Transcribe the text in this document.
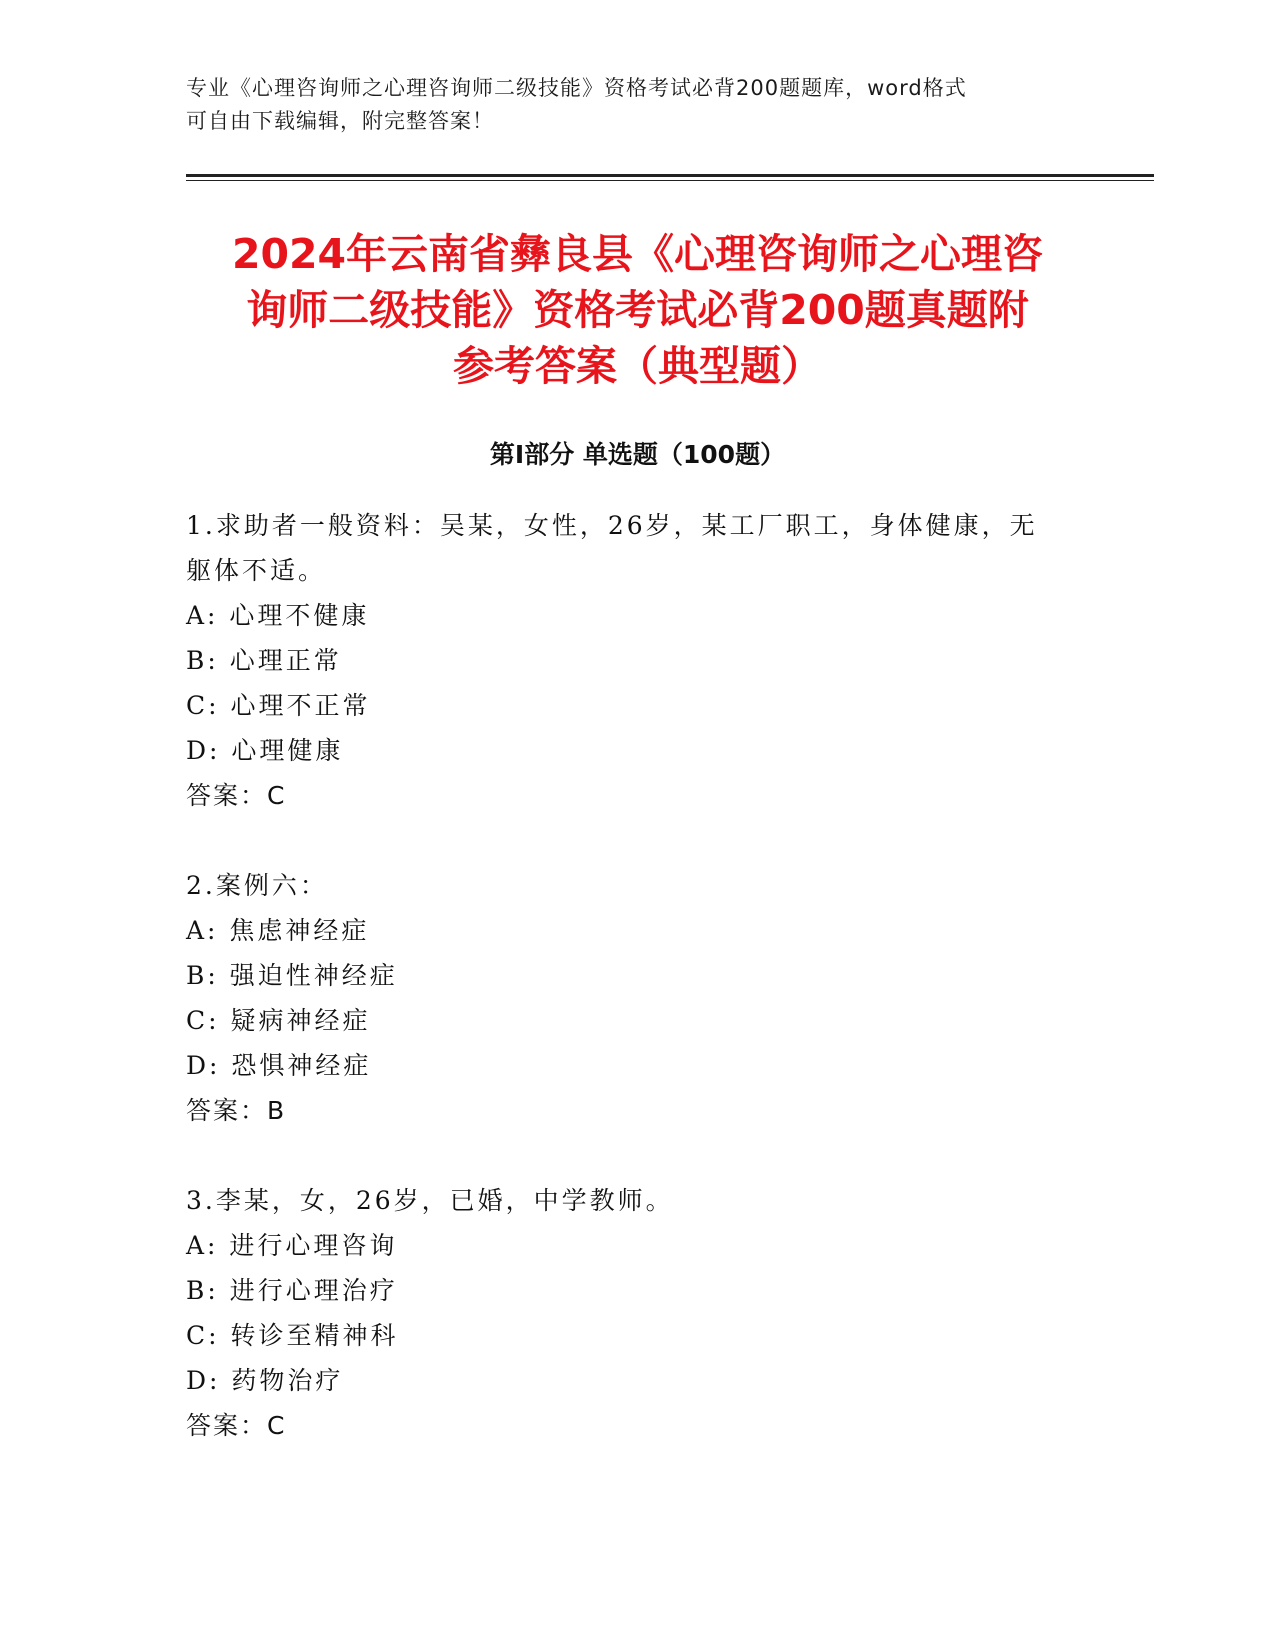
专业《心理咨询师之心理咨询师二级技能》资格考试必背200题题库，word格式
可自由下载编辑，附完整答案！
2024年云南省彝良县《心理咨询师之心理咨
询师二级技能》资格考试必背200题真题附
参考答案（典型题）
第Ⅰ部分 单选题（100题）

1.求助者一般资料：吴某，女性，26岁，某工厂职工，身体健康，无

躯体不适。

A: 心理不健康

B: 心理正常

C: 心理不正常

D: 心理健康

答案：C

2.案例六：

A: 焦虑神经症

B: 强迫性神经症

C: 疑病神经症

D: 恐惧神经症

答案：B

3.李某，女，26岁，已婚，中学教师。

A: 进行心理咨询

B: 进行心理治疗

C: 转诊至精神科

D: 药物治疗

答案：C
